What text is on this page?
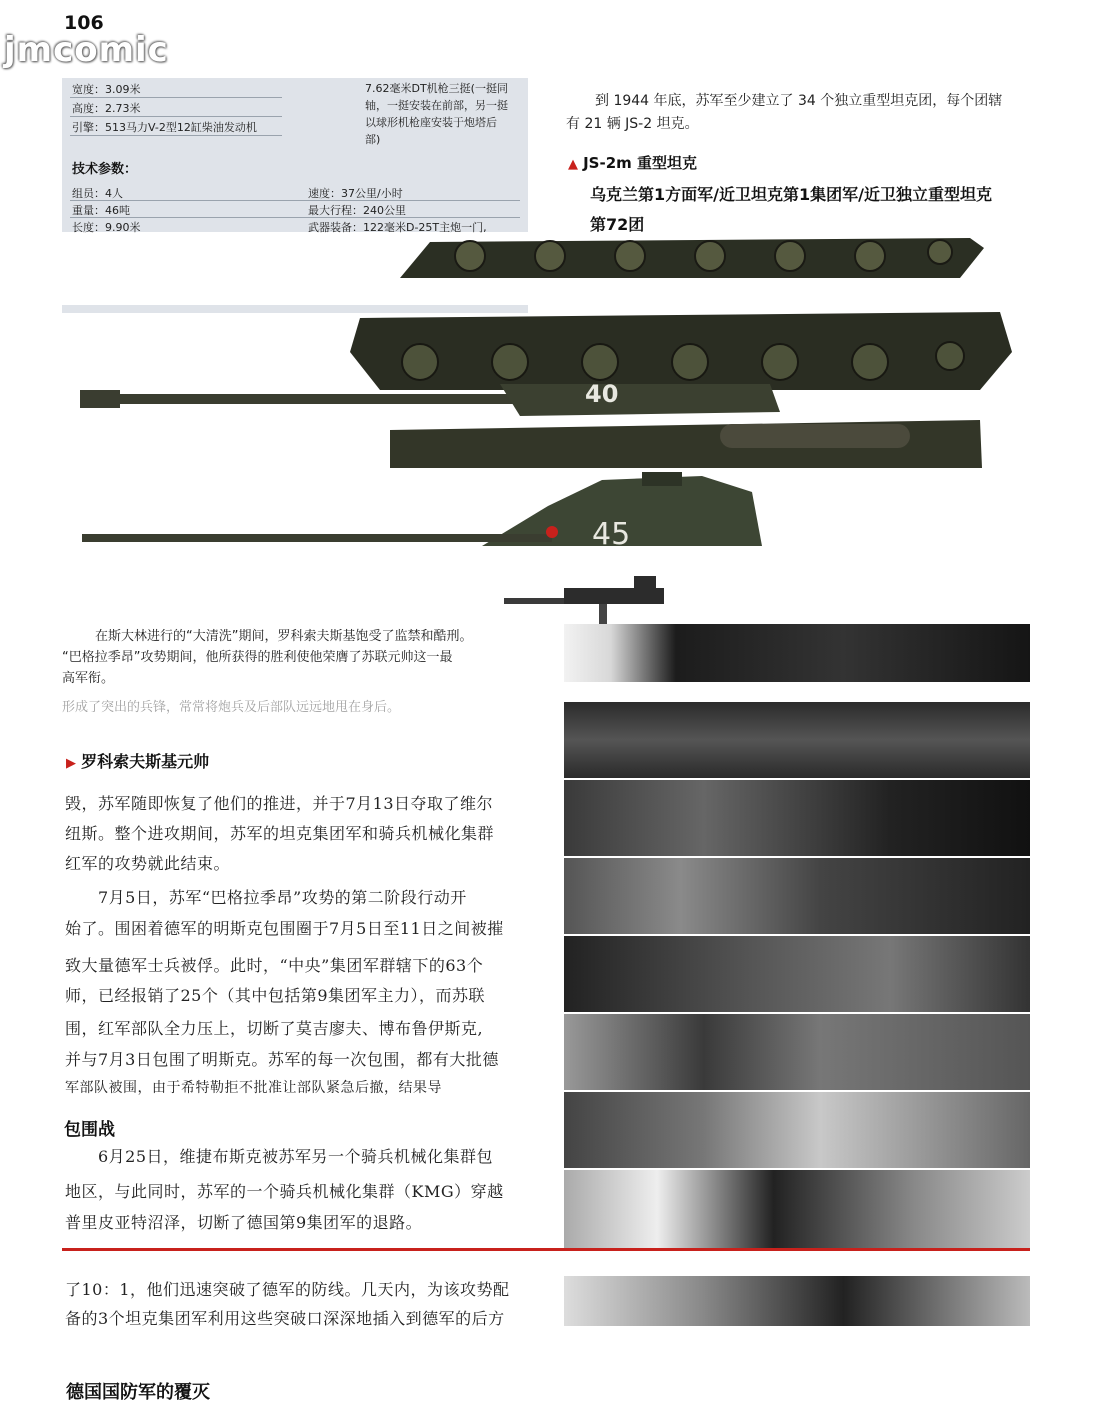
106
jmcomic
宽度：3.09米
高度：2.73米
引擎：513马力V-2型12缸柴油发动机
7.62毫米DT机枪三挺(一挺同
轴，一挺安装在前部，另一挺
以球形机枪座安装于炮塔后
部)
技术参数：
组员：4人
重量：46吨
长度：9.90米
速度：37公里/小时
最大行程：240公里
武器装备：122毫米D-25T主炮一门,
到 1944 年底，苏军至少建立了 34 个独立重型坦克团，每个团辖
有 21 辆 JS-2 坦克。
▲ JS-2m 重型坦克
乌克兰第1方面军/近卫坦克第1集团军/近卫独立重型坦克
第72团
40
45
在斯大林进行的“大清洗”期间，罗科索夫斯基饱受了监禁和酷刑。
“巴格拉季昂”攻势期间，他所获得的胜利使他荣膺了苏联元帅这一最
高军衔。
形成了突出的兵锋，常常将炮兵及后部队远远地甩在身后。
▶ 罗科索夫斯基元帅
毁，苏军随即恢复了他们的推进，并于7月13日夺取了维尔
纽斯。整个进攻期间，苏军的坦克集团军和骑兵机械化集群
红军的攻势就此结束。
7月5日，苏军“巴格拉季昂”攻势的第二阶段行动开
始了。围困着德军的明斯克包围圈于7月5日至11日之间被摧
致大量德军士兵被俘。此时，“中央”集团军群辖下的63个
师，已经报销了25个（其中包括第9集团军主力），而苏联
围，红军部队全力压上，切断了莫吉廖夫、博布鲁伊斯克,
并与7月3日包围了明斯克。苏军的每一次包围，都有大批德
军部队被围，由于希特勒拒不批准让部队紧急后撤，结果导
包围战
6月25日，维捷布斯克被苏军另一个骑兵机械化集群包
地区，与此同时，苏军的一个骑兵机械化集群（KMG）穿越
普里皮亚特沼泽，切断了德国第9集团军的退路。
了10：1，他们迅速突破了德军的防线。几天内，为该攻势配
备的3个坦克集团军利用这些突破口深深地插入到德军的后方
德国国防军的覆灭
